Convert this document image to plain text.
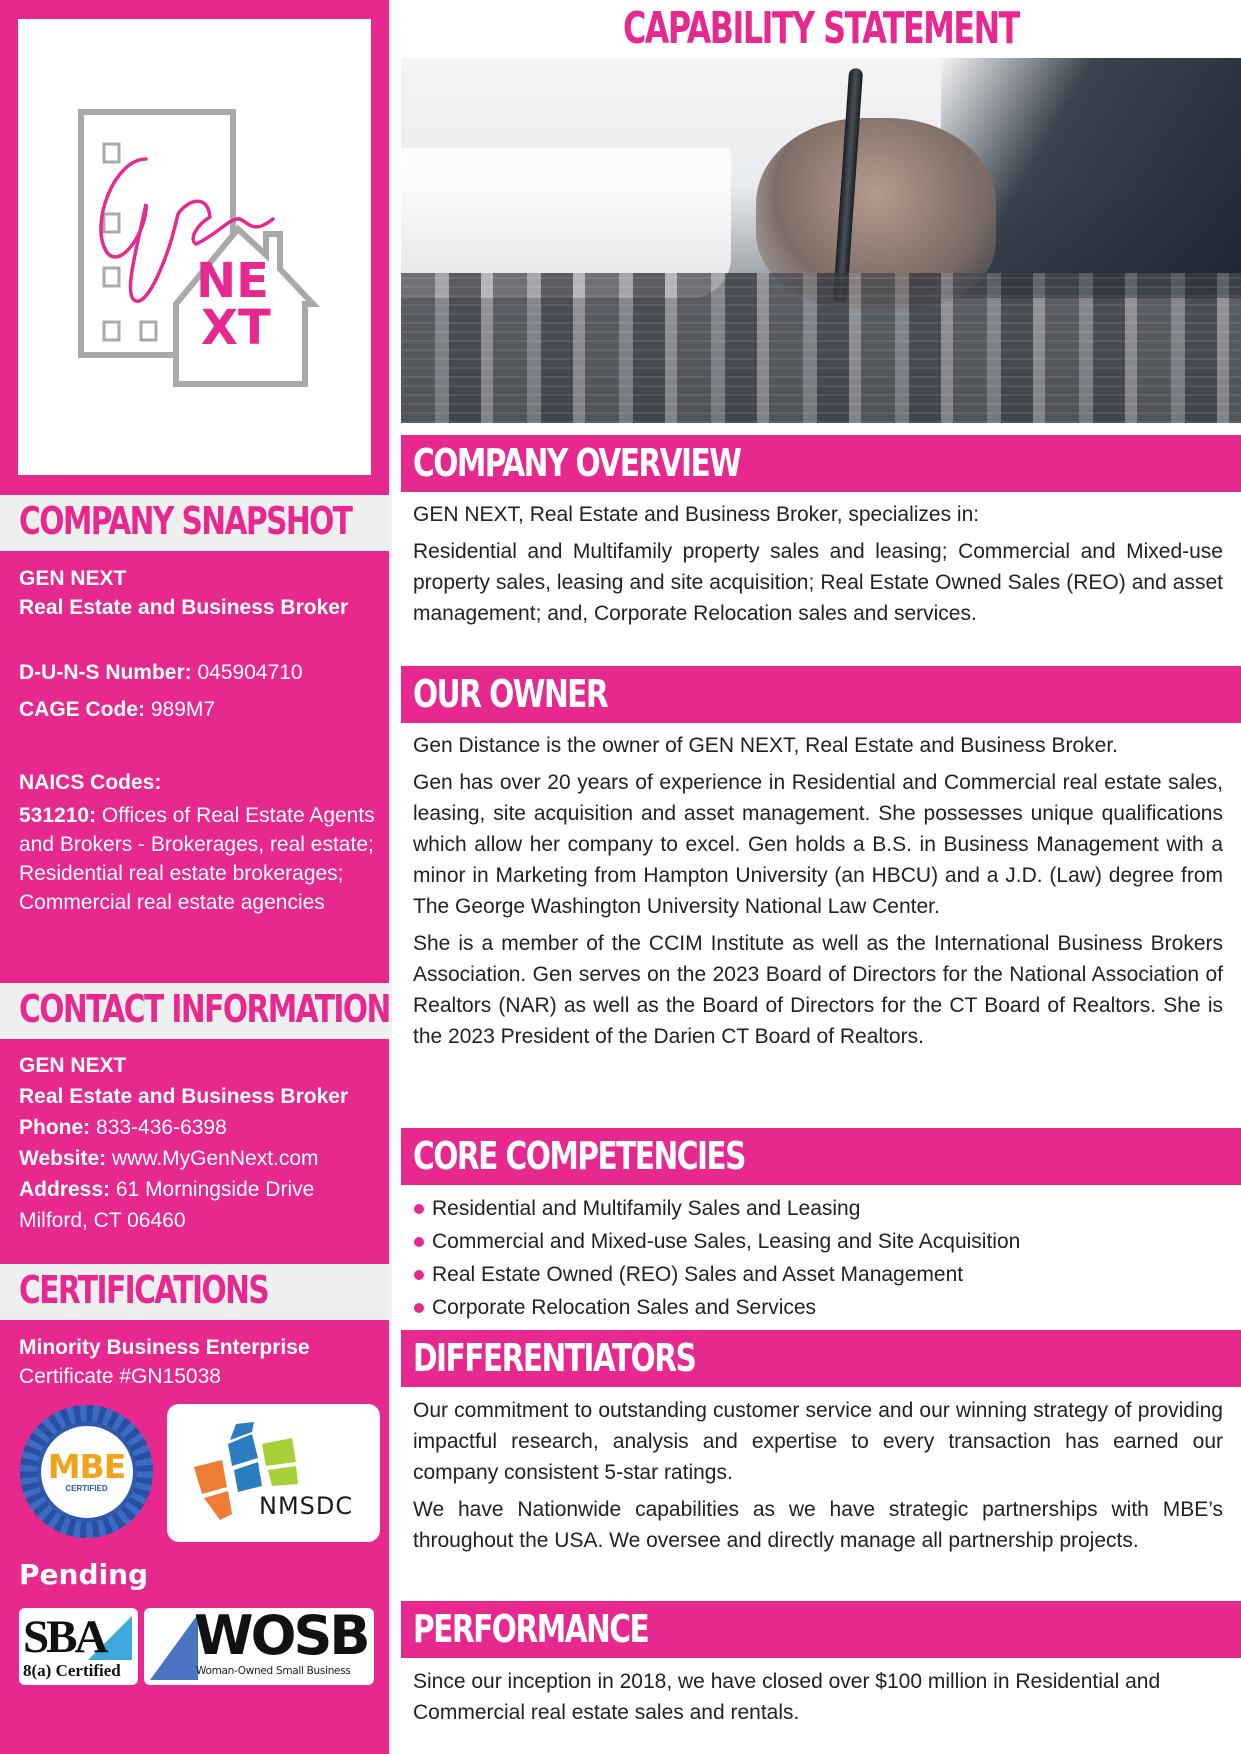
NE
XT
COMPANY SNAPSHOT
GEN NEXT
Real Estate and Business Broker
D-U-N-S Number: 045904710
CAGE Code: 989M7
NAICS Codes:
531210: Offices of Real Estate Agents and Brokers - Brokerages, real estate; Residential real estate brokerages; Commercial real estate agencies
CONTACT INFORMATION
GEN NEXT
Real Estate and Business Broker
Phone: 833-436-6398
Website: www.MyGenNext.com
Address: 61 Morningside Drive
Milford, CT 06460
CERTIFICATIONS
Minority Business Enterprise
Certificate #GN15038
MBE
CERTIFIED
NMSDC
Pending
SBA
8(a) Certified
WOSB
Woman-Owned Small Business
CAPABILITY STATEMENT
COMPANY OVERVIEW

GEN NEXT, Real Estate and Business Broker, specializes in:

Residential and Multifamily property sales and leasing; Commercial and Mixed-use property sales, leasing and site acquisition; Real Estate Owned Sales (REO) and asset management; and, Corporate Relocation sales and services.

OUR OWNER

Gen Distance is the owner of GEN NEXT, Real Estate and Business Broker.

Gen has over 20 years of experience in Residential and Commercial real estate sales, leasing, site acquisition and asset management. She possesses unique qualifications which allow her company to excel. Gen holds a B.S. in Business Management with a minor in Marketing from Hampton University (an HBCU) and a J.D. (Law) degree from The George Washington University National Law Center.

She is a member of the CCIM Institute as well as the International Business Brokers Association. Gen serves on the 2023 Board of Directors for the National Association of Realtors (NAR) as well as the Board of Directors for the CT Board of Realtors. She is the 2023 President of the Darien CT Board of Realtors.

CORE COMPETENCIES
Residential and Multifamily Sales and Leasing
Commercial and Mixed-use Sales, Leasing and Site Acquisition
Real Estate Owned (REO) Sales and Asset Management
Corporate Relocation Sales and Services
DIFFERENTIATORS

Our commitment to outstanding customer service and our winning strategy of providing impactful research, analysis and expertise to every transaction has earned our company consistent 5-star ratings.

We have Nationwide capabilities as we have strategic partnerships with MBE’s throughout the USA. We oversee and directly manage all partnership projects.

PERFORMANCE

Since our inception in 2018, we have closed over $100 million in Residential and Commercial real estate sales and rentals.
